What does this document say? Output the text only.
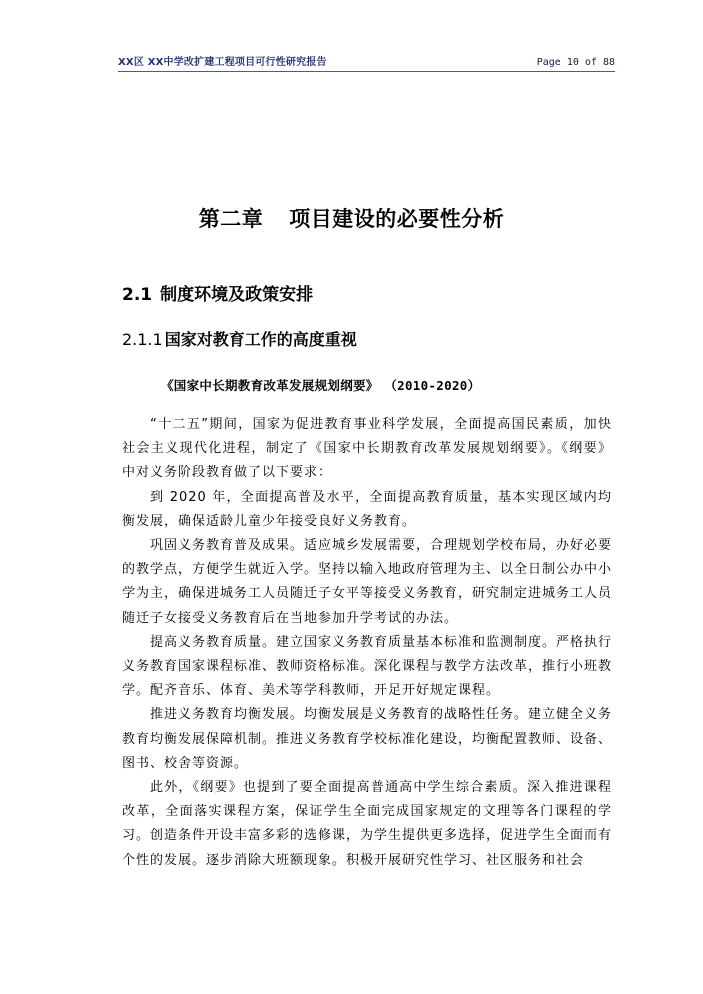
XX区 XX中学改扩建工程项目可行性研究报告	Page 10 of 88
第二章 项目建设的必要性分析
2.1 制度环境及政策安排
2.1.1 国家对教育工作的高度重视
《国家中长期教育改革发展规划纲要》 （2010-2020）

“十二五”期间，国家为促进教育事业科学发展，全面提高国民素质，加快社会主义现代化进程，制定了《国家中长期教育改革发展规划纲要》。《纲要》中对义务阶段教育做了以下要求：

到 2020 年，全面提高普及水平，全面提高教育质量，基本实现区域内均衡发展，确保适龄儿童少年接受良好义务教育。

巩固义务教育普及成果。适应城乡发展需要，合理规划学校布局，办好必要的教学点，方便学生就近入学。坚持以输入地政府管理为主、以全日制公办中小学为主，确保进城务工人员随迁子女平等接受义务教育，研究制定进城务工人员随迁子女接受义务教育后在当地参加升学考试的办法。

提高义务教育质量。建立国家义务教育质量基本标准和监测制度。严格执行义务教育国家课程标准、教师资格标准。深化课程与教学方法改革，推行小班教学。配齐音乐、体育、美术等学科教师，开足开好规定课程。

推进义务教育均衡发展。均衡发展是义务教育的战略性任务。建立健全义务教育均衡发展保障机制。推进义务教育学校标准化建设，均衡配置教师、设备、图书、校舍等资源。

此外，《纲要》也提到了要全面提高普通高中学生综合素质。深入推进课程改革，全面落实课程方案，保证学生全面完成国家规定的文理等各门课程的学习。创造条件开设丰富多彩的选修课，为学生提供更多选择，促进学生全面而有个性的发展。逐步消除大班额现象。积极开展研究性学习、社区服务和社会
